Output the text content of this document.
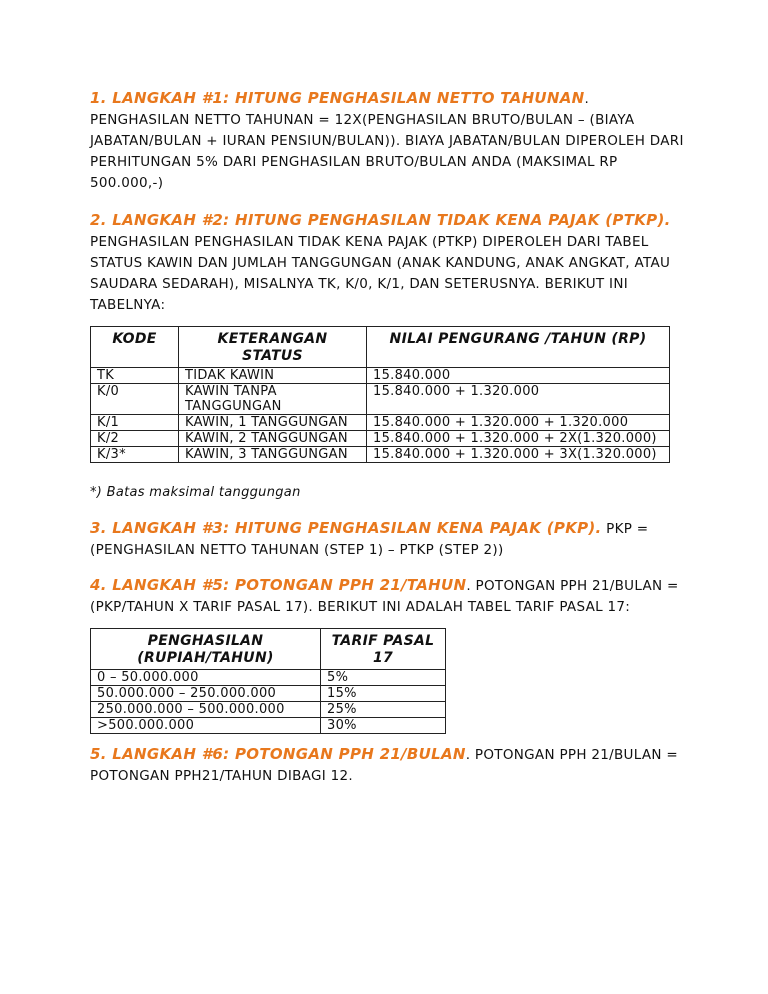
1. LANGKAH #1: HITUNG PENGHASILAN NETTO TAHUNAN. PENGHASILAN NETTO TAHUNAN = 12X(PENGHASILAN BRUTO/BULAN – (BIAYA JABATAN/BULAN + IURAN PENSIUN/BULAN)). BIAYA JABATAN/BULAN DIPEROLEH DARI PERHITUNGAN 5% DARI PENGHASILAN BRUTO/BULAN ANDA (MAKSIMAL RP 500.000,-)

2. LANGKAH #2: HITUNG PENGHASILAN TIDAK KENA PAJAK (PTKP). PENGHASILAN PENGHASILAN TIDAK KENA PAJAK (PTKP) DIPEROLEH DARI TABEL STATUS KAWIN DAN JUMLAH TANGGUNGAN (ANAK KANDUNG, ANAK ANGKAT, ATAU SAUDARA SEDARAH), MISALNYA TK, K/0, K/1, DAN SETERUSNYA. BERIKUT INI TABELNYA:

KODE	KETERANGAN STATUS	NILAI PENGURANG /TAHUN (RP)
TK	TIDAK KAWIN	15.840.000
K/0	KAWIN TANPA TANGGUNGAN	15.840.000 + 1.320.000
K/1	KAWIN, 1 TANGGUNGAN	15.840.000 + 1.320.000 + 1.320.000
K/2	KAWIN, 2 TANGGUNGAN	15.840.000 + 1.320.000 + 2X(1.320.000)
K/3*	KAWIN, 3 TANGGUNGAN	15.840.000 + 1.320.000 + 3X(1.320.000)

*) Batas maksimal tanggungan

3. LANGKAH #3: HITUNG PENGHASILAN KENA PAJAK (PKP). PKP = (PENGHASILAN NETTO TAHUNAN (STEP 1) – PTKP (STEP 2))

4. LANGKAH #5: POTONGAN PPH 21/TAHUN. POTONGAN PPH 21/BULAN = (PKP/TAHUN X TARIF PASAL 17). BERIKUT INI ADALAH TABEL TARIF PASAL 17:

PENGHASILAN (RUPIAH/TAHUN)	TARIF PASAL 17
0 – 50.000.000	5%
50.000.000 – 250.000.000	15%
250.000.000 – 500.000.000	25%
>500.000.000	30%

5. LANGKAH #6: POTONGAN PPH 21/BULAN. POTONGAN PPH 21/BULAN = POTONGAN PPH21/TAHUN DIBAGI 12.
